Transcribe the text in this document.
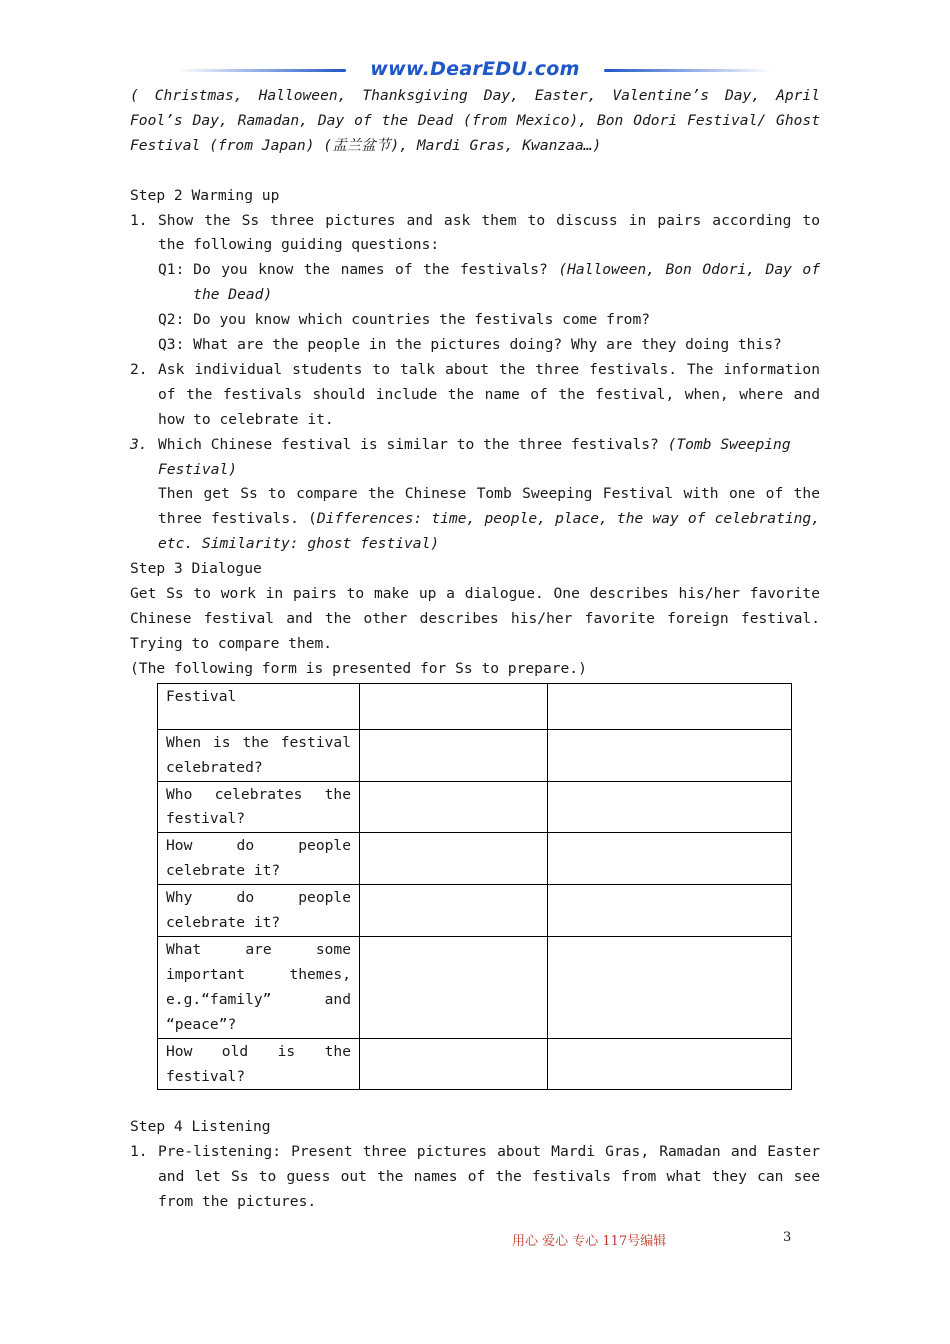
www.DearEDU.com

( Christmas, Halloween, Thanksgiving Day, Easter, Valentine’s Day, April Fool’s Day, Ramadan, Day of the Dead (from Mexico), Bon Odori Festival/ Ghost Festival (from Japan) (盂兰盆节), Mardi Gras, Kwanzaa…)

Step 2 Warming up

1. Show the Ss three pictures and ask them to discuss in pairs according to the following guiding questions:
Q1: Do you know the names of the festivals? (Halloween, Bon Odori, Day of the Dead)

Q2: Do you know which countries the festivals come from?

Q3: What are the people in the pictures doing? Why are they doing this?

2. Ask individual students to talk about the three festivals. The information of the festivals should include the name of the festival, when, where and how to celebrate it.
3. Which Chinese festival is similar to the three festivals? (Tomb Sweeping Festival)

Then get Ss to compare the Chinese Tomb Sweeping Festival with one of the three festivals. (Differences: time, people, place, the way of celebrating, etc. Similarity: ghost festival)

Step 3 Dialogue

Get Ss to work in pairs to make up a dialogue. One describes his/her favorite Chinese festival and the other describes his/her favorite foreign festival. Trying to compare them.

(The following form is presented for Ss to prepare.)

Festival		
When is the festival celebrated?		
Who celebrates the festival?		
How do people celebrate it?		
Why do people celebrate it?		
What are some important themes, e.g.“family” and “peace”?		
How old is the festival?		

Step 4 Listening

1. Pre-listening: Present three pictures about Mardi Gras, Ramadan and Easter and let Ss to guess out the names of the festivals from what they can see from the pictures.
用心 爱心 专心 117号编辑	3
